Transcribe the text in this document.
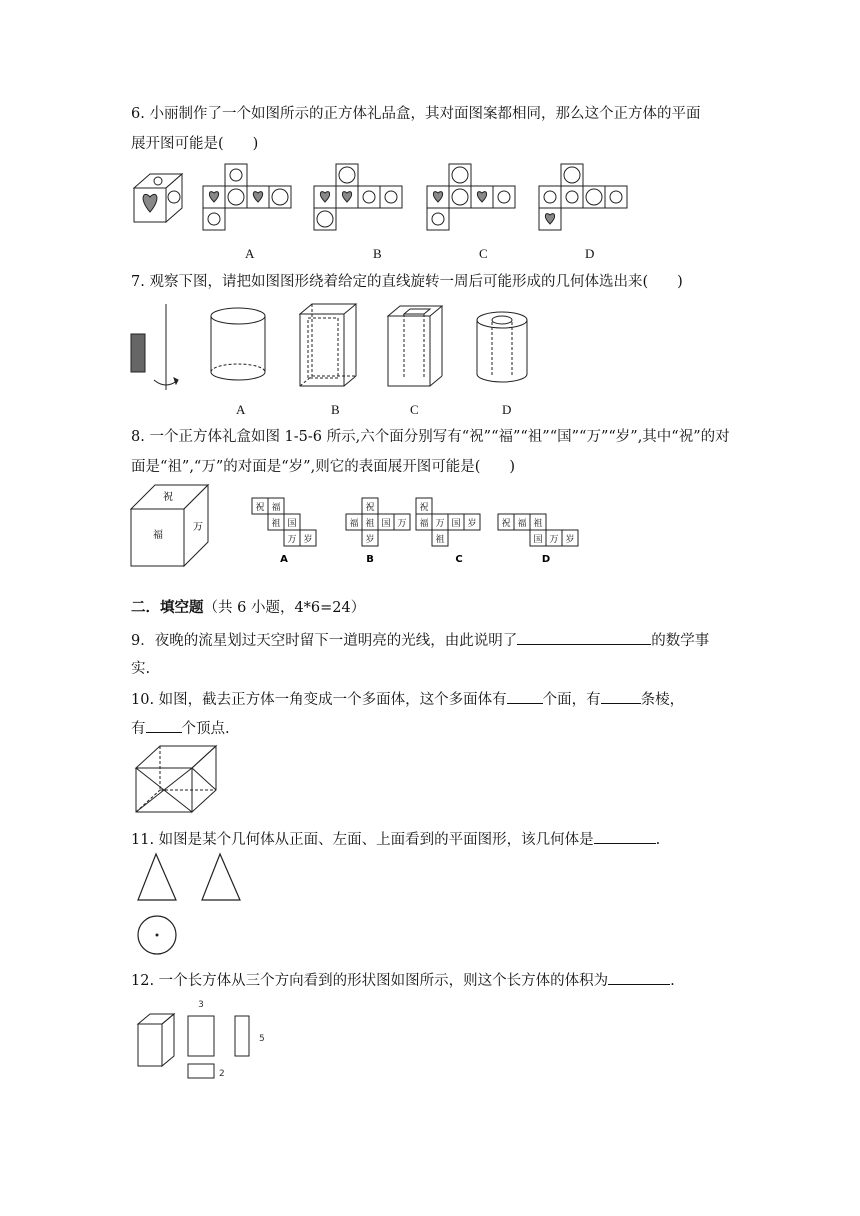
6. 小丽制作了一个如图所示的正方体礼品盒，其对面图案都相同，那么这个正方体的平面
展开图可能是(　　)
A	B	C	D
7. 观察下图，请把如图图形绕着给定的直线旋转一周后可能形成的几何体选出来(　　)
A	B	C	D
8. 一个正方体礼盒如图 1-5-6 所示,六个面分别写有“祝”“福”“祖”“国”“万”“岁”,其中“祝”的对
面是“祖”,“万”的对面是“岁”,则它的表面展开图可能是(　　)
祝
福
万
祝 福
祖 国
万 岁
祝
福 祖 国 万
岁
祝
福 万 国 岁
祖
祝 福 祖
国 万 岁
A	B	C	D
二．填空题（共 6 小题，4*6=24）
9．夜晚的流星划过天空时留下一道明亮的光线，由此说明了	的数学事
实.
10. 如图，截去正方体一角变成一个多面体，这个多面体有 个面，有	条棱，
有 个顶点.
11. 如图是某个几何体从正面、左面、上面看到的平面图形，该几何体是	.
12. 一个长方体从三个方向看到的形状图如图所示，则这个长方体的体积为	.
3
5
2
